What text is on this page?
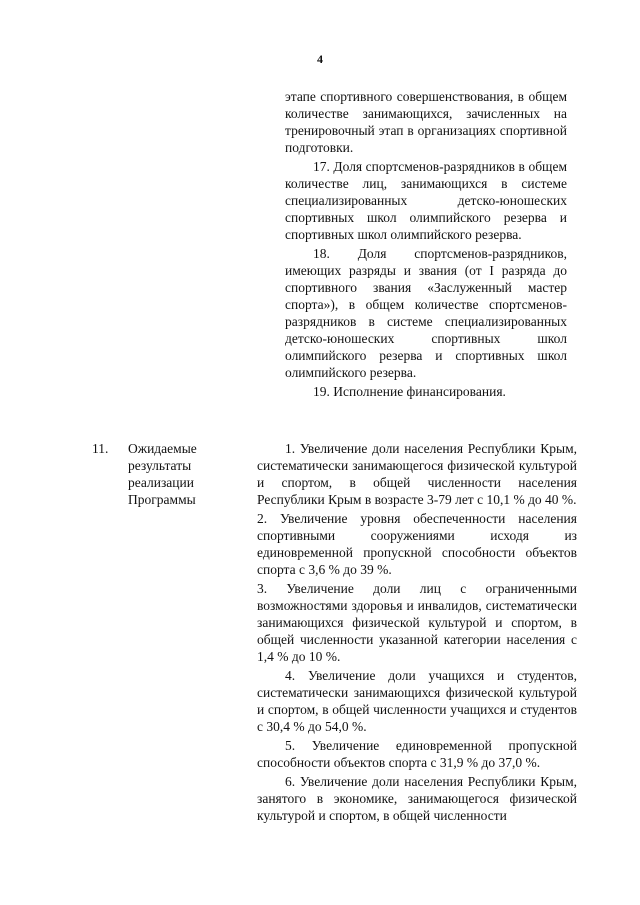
4

этапе спортивного совершенствования, в общем количестве занимающихся, зачисленных на тренировочный этап в организациях спортивной подготовки.

17. Доля спортсменов-разрядников в общем количестве лиц, занимающихся в системе специализированных детско-юношеских спортивных школ олимпийского резерва и спортивных школ олимпийского резерва.

18. Доля спортсменов-разрядников, имеющих разряды и звания (от I разряда до спортивного звания «Заслуженный мастер спорта»), в общем количестве спортсменов-разрядников в системе специализированных детско-юношеских спортивных школ олимпийского резерва и спортивных школ олимпийского резерва.

19. Исполнение финансирования.

11. Ожидаемые результаты реализации Программы

1. Увеличение доли населения Республики Крым, систематически занимающегося физической культурой и спортом, в общей численности населения Республики Крым в возрасте 3-79 лет с 10,1 % до 40 %.

2. Увеличение уровня обеспеченности населения спортивными сооружениями исходя из единовременной пропускной способности объектов спорта с 3,6 % до 39 %.

3. Увеличение доли лиц с ограниченными возможностями здоровья и инвалидов, систематически занимающихся физической культурой и спортом, в общей численности указанной категории населения с 1,4 % до 10 %.

4. Увеличение доли учащихся и студентов, систематически занимающихся физической культурой и спортом, в общей численности учащихся и студентов с 30,4 % до 54,0 %.

5. Увеличение единовременной пропускной способности объектов спорта с 31,9 % до 37,0 %.

6. Увеличение доли населения Республики Крым, занятого в экономике, занимающегося физической культурой и спортом, в общей численности
